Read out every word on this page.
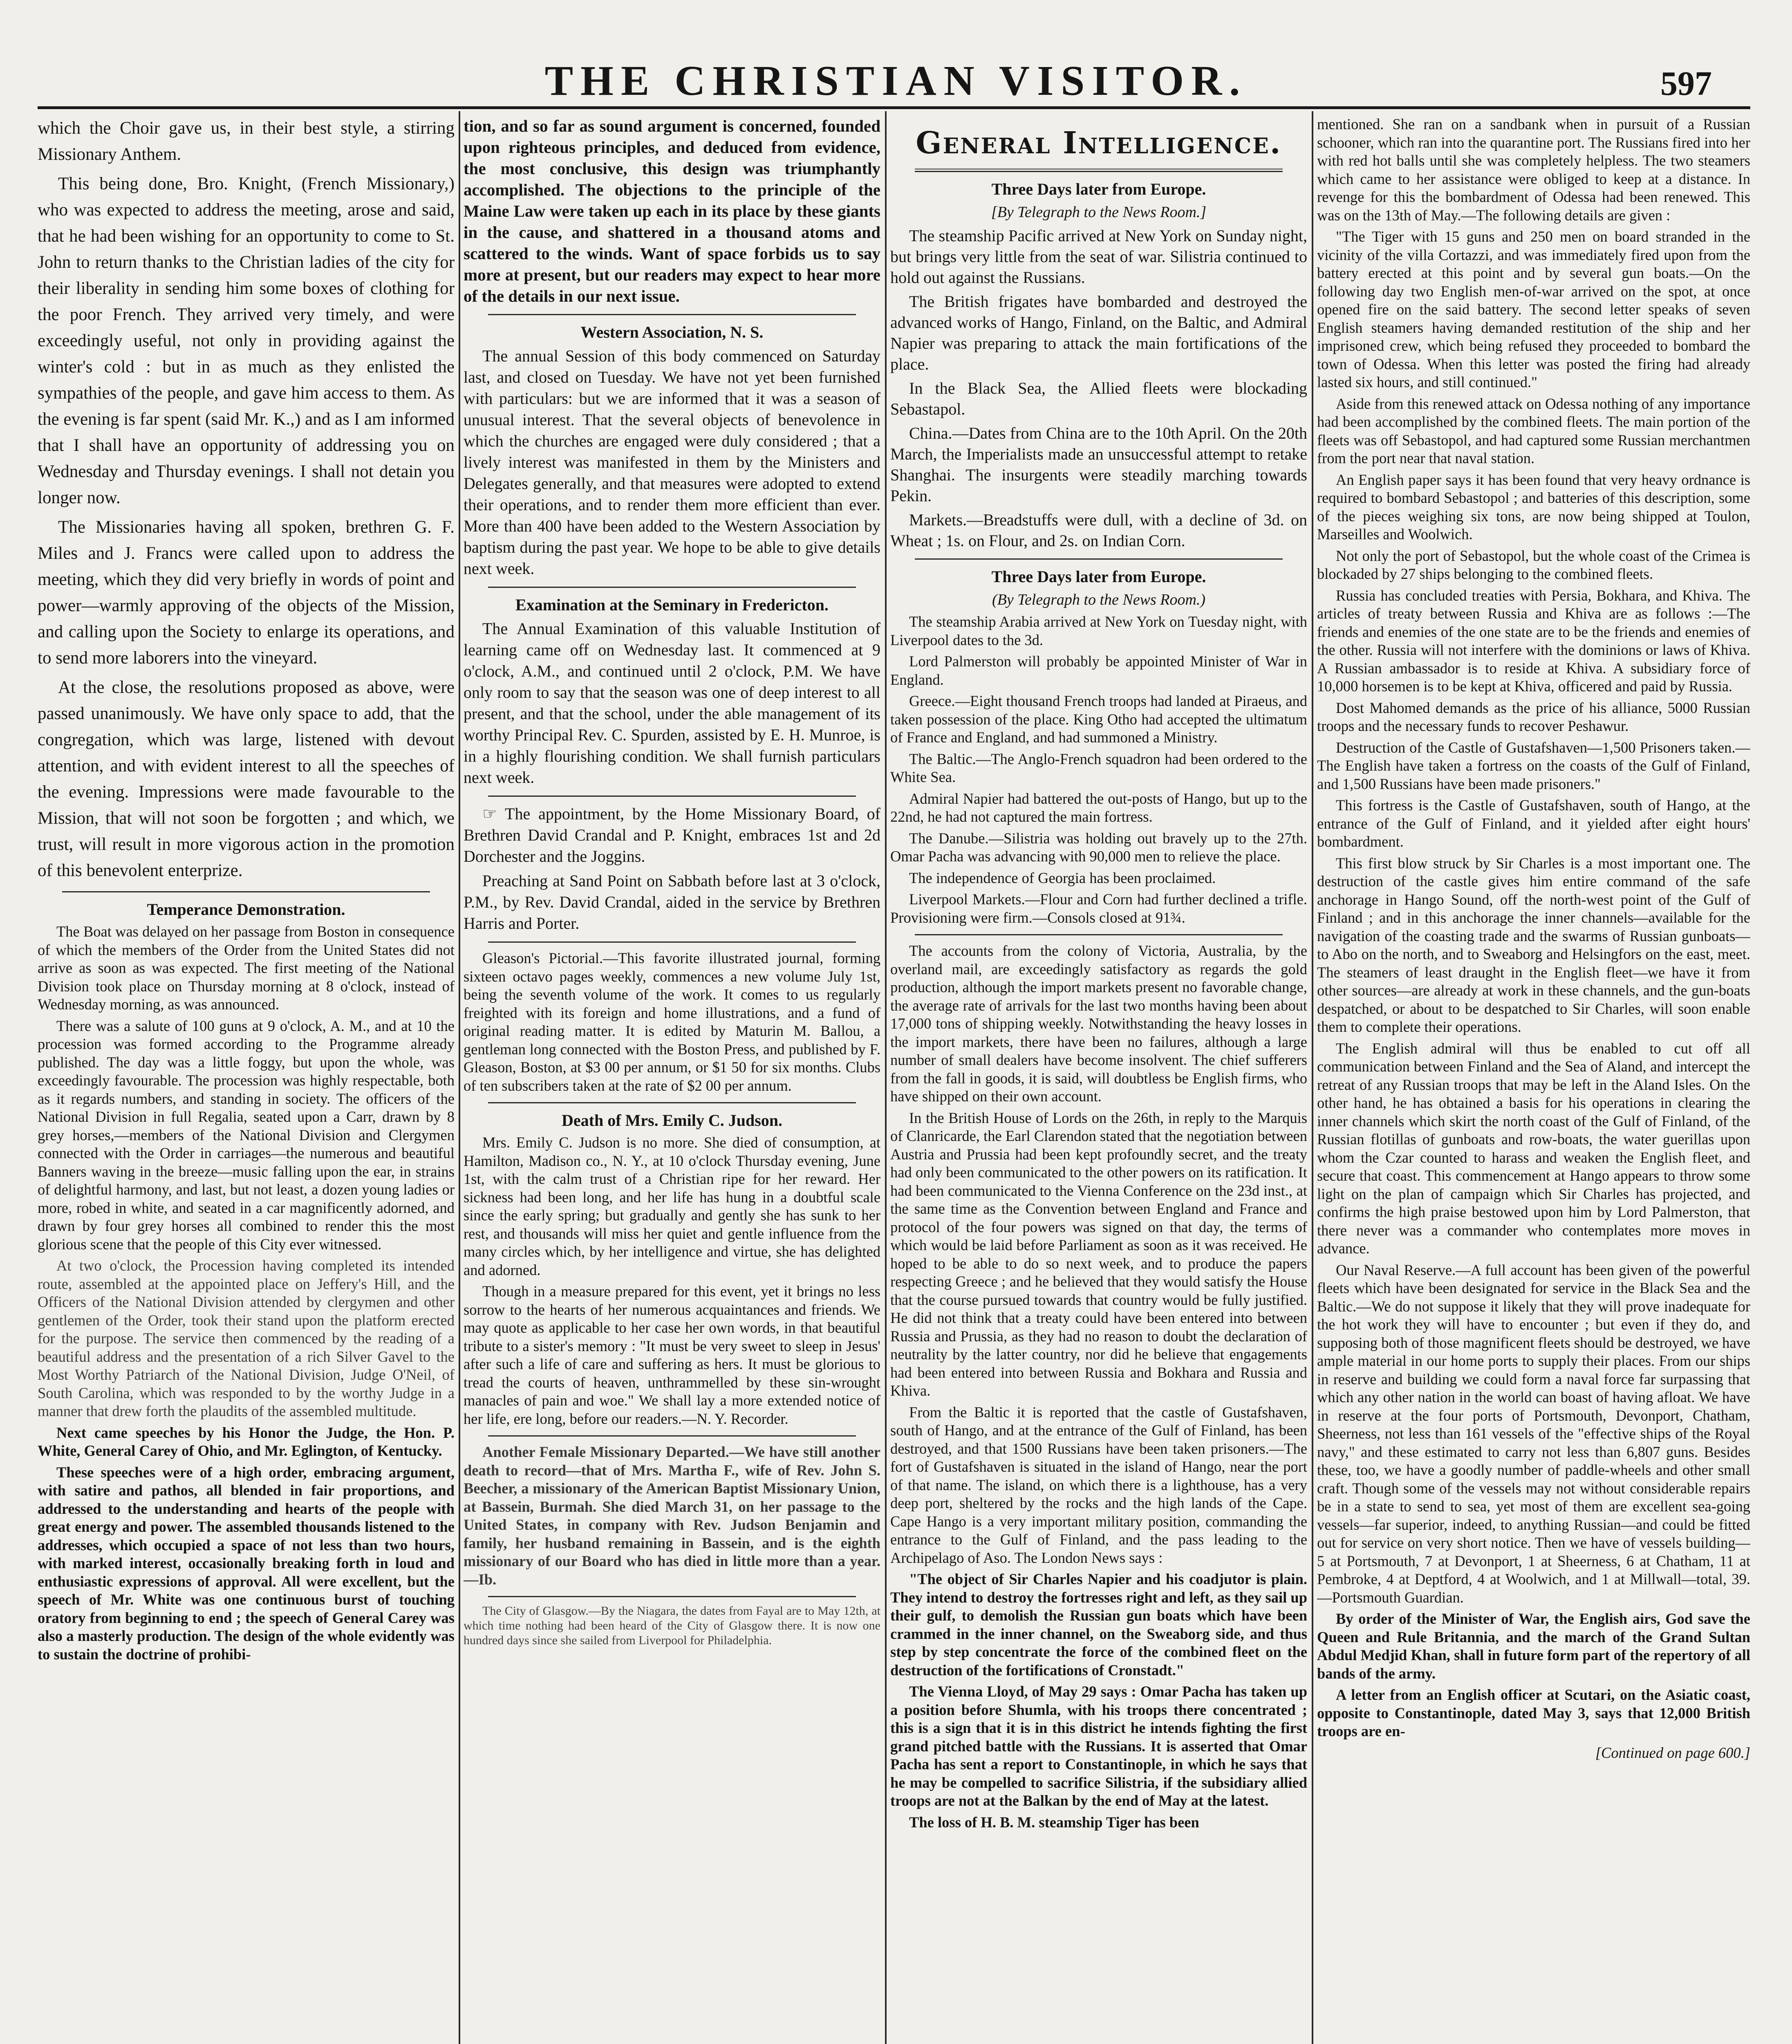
THE CHRISTIAN VISITOR.	597

which the Choir gave us, in their best style, a stirring Missionary Anthem.

This being done, Bro. Knight, (French Missionary,) who was expected to address the meeting, arose and said, that he had been wishing for an opportunity to come to St. John to return thanks to the Christian ladies of the city for their liberality in sending him some boxes of clothing for the poor French. They arrived very timely, and were exceedingly useful, not only in providing against the winter's cold : but in as much as they enlisted the sympathies of the people, and gave him access to them. As the evening is far spent (said Mr. K.,) and as I am informed that I shall have an opportunity of addressing you on Wednesday and Thursday evenings. I shall not detain you longer now.

The Missionaries having all spoken, brethren G. F. Miles and J. Francs were called upon to address the meeting, which they did very briefly in words of point and power—warmly approving of the objects of the Mission, and calling upon the Society to enlarge its operations, and to send more laborers into the vineyard.

At the close, the resolutions proposed as above, were passed unanimously. We have only space to add, that the congregation, which was large, listened with devout attention, and with evident interest to all the speeches of the evening. Impressions were made favourable to the Mission, that will not soon be forgotten ; and which, we trust, will result in more vigorous action in the promotion of this benevolent enterprize.

Temperance Demonstration.

The Boat was delayed on her passage from Boston in consequence of which the members of the Order from the United States did not arrive as soon as was expected. The first meeting of the National Division took place on Thursday morning at 8 o'clock, instead of Wednesday morning, as was announced.

There was a salute of 100 guns at 9 o'clock, A. M., and at 10 the procession was formed according to the Programme already published. The day was a little foggy, but upon the whole, was exceedingly favourable. The procession was highly respectable, both as it regards numbers, and standing in society. The officers of the National Division in full Regalia, seated upon a Carr, drawn by 8 grey horses,—members of the National Division and Clergymen connected with the Order in carriages—the numerous and beautiful Banners waving in the breeze—music falling upon the ear, in strains of delightful harmony, and last, but not least, a dozen young ladies or more, robed in white, and seated in a car magnificently adorned, and drawn by four grey horses all combined to render this the most glorious scene that the people of this City ever witnessed.

At two o'clock, the Procession having completed its intended route, assembled at the appointed place on Jeffery's Hill, and the Officers of the National Division attended by clergymen and other gentlemen of the Order, took their stand upon the platform erected for the purpose. The service then commenced by the reading of a beautiful address and the presentation of a rich Silver Gavel to the Most Worthy Patriarch of the National Division, Judge O'Neil, of South Carolina, which was responded to by the worthy Judge in a manner that drew forth the plaudits of the assembled multitude.

Next came speeches by his Honor the Judge, the Hon. P. White, General Carey of Ohio, and Mr. Eglington, of Kentucky.

These speeches were of a high order, embracing argument, with satire and pathos, all blended in fair proportions, and addressed to the understanding and hearts of the people with great energy and power. The assembled thousands listened to the addresses, which occupied a space of not less than two hours, with marked interest, occasionally breaking forth in loud and enthusiastic expressions of approval. All were excellent, but the speech of Mr. White was one continuous burst of touching oratory from beginning to end ; the speech of General Carey was also a masterly production. The design of the whole evidently was to sustain the doctrine of prohibi-

tion, and so far as sound argument is concerned, founded upon righteous principles, and deduced from evidence, the most conclusive, this design was triumphantly accomplished. The objections to the principle of the Maine Law were taken up each in its place by these giants in the cause, and shattered in a thousand atoms and scattered to the winds. Want of space forbids us to say more at present, but our readers may expect to hear more of the details in our next issue.

Western Association, N. S.

The annual Session of this body commenced on Saturday last, and closed on Tuesday. We have not yet been furnished with particulars: but we are informed that it was a season of unusual interest. That the several objects of benevolence in which the churches are engaged were duly considered ; that a lively interest was manifested in them by the Ministers and Delegates generally, and that measures were adopted to extend their operations, and to render them more efficient than ever. More than 400 have been added to the Western Association by baptism during the past year. We hope to be able to give details next week.

Examination at the Seminary in Fredericton.

The Annual Examination of this valuable Institution of learning came off on Wednesday last. It commenced at 9 o'clock, A.M., and continued until 2 o'clock, P.M. We have only room to say that the season was one of deep interest to all present, and that the school, under the able management of its worthy Principal Rev. C. Spurden, assisted by E. H. Munroe, is in a highly flourishing condition. We shall furnish particulars next week.

☞ The appointment, by the Home Missionary Board, of Brethren David Crandal and P. Knight, embraces 1st and 2d Dorchester and the Joggins.

Preaching at Sand Point on Sabbath before last at 3 o'clock, P.M., by Rev. David Crandal, aided in the service by Brethren Harris and Porter.

Gleason's Pictorial.—This favorite illustrated journal, forming sixteen octavo pages weekly, commences a new volume July 1st, being the seventh volume of the work. It comes to us regularly freighted with its foreign and home illustrations, and a fund of original reading matter. It is edited by Maturin M. Ballou, a gentleman long connected with the Boston Press, and published by F. Gleason, Boston, at $3 00 per annum, or $1 50 for six months. Clubs of ten subscribers taken at the rate of $2 00 per annum.

Death of Mrs. Emily C. Judson.

Mrs. Emily C. Judson is no more. She died of consumption, at Hamilton, Madison co., N. Y., at 10 o'clock Thursday evening, June 1st, with the calm trust of a Christian ripe for her reward. Her sickness had been long, and her life has hung in a doubtful scale since the early spring; but gradually and gently she has sunk to her rest, and thousands will miss her quiet and gentle influence from the many circles which, by her intelligence and virtue, she has delighted and adorned.

Though in a measure prepared for this event, yet it brings no less sorrow to the hearts of her numerous acquaintances and friends. We may quote as applicable to her case her own words, in that beautiful tribute to a sister's memory : "It must be very sweet to sleep in Jesus' after such a life of care and suffering as hers. It must be glorious to tread the courts of heaven, unthrammelled by these sin-wrought manacles of pain and woe." We shall lay a more extended notice of her life, ere long, before our readers.—N. Y. Recorder.

Another Female Missionary Departed.—We have still another death to record—that of Mrs. Martha F., wife of Rev. John S. Beecher, a missionary of the American Baptist Missionary Union, at Bassein, Burmah. She died March 31, on her passage to the United States, in company with Rev. Judson Benjamin and family, her husband remaining in Bassein, and is the eighth missionary of our Board who has died in little more than a year.—Ib.

The City of Glasgow.—By the Niagara, the dates from Fayal are to May 12th, at which time nothing had been heard of the City of Glasgow there. It is now one hundred days since she sailed from Liverpool for Philadelphia.

General Intelligence.
Three Days later from Europe.
[By Telegraph to the News Room.]

The steamship Pacific arrived at New York on Sunday night, but brings very little from the seat of war. Silistria continued to hold out against the Russians.

The British frigates have bombarded and destroyed the advanced works of Hango, Finland, on the Baltic, and Admiral Napier was preparing to attack the main fortifications of the place.

In the Black Sea, the Allied fleets were blockading Sebastapol.

China.—Dates from China are to the 10th April. On the 20th March, the Imperialists made an unsuccessful attempt to retake Shanghai. The insurgents were steadily marching towards Pekin.

Markets.—Breadstuffs were dull, with a decline of 3d. on Wheat ; 1s. on Flour, and 2s. on Indian Corn.

Three Days later from Europe.
(By Telegraph to the News Room.)

The steamship Arabia arrived at New York on Tuesday night, with Liverpool dates to the 3d.

Lord Palmerston will probably be appointed Minister of War in England.

Greece.—Eight thousand French troops had landed at Piraeus, and taken possession of the place. King Otho had accepted the ultimatum of France and England, and had summoned a Ministry.

The Baltic.—The Anglo-French squadron had been ordered to the White Sea.

Admiral Napier had battered the out-posts of Hango, but up to the 22nd, he had not captured the main fortress.

The Danube.—Silistria was holding out bravely up to the 27th. Omar Pacha was advancing with 90,000 men to relieve the place.

The independence of Georgia has been proclaimed.

Liverpool Markets.—Flour and Corn had further declined a trifle. Provisioning were firm.—Consols closed at 91¾.

The accounts from the colony of Victoria, Australia, by the overland mail, are exceedingly satisfactory as regards the gold production, although the import markets present no favorable change, the average rate of arrivals for the last two months having been about 17,000 tons of shipping weekly. Notwithstanding the heavy losses in the import markets, there have been no failures, although a large number of small dealers have become insolvent. The chief sufferers from the fall in goods, it is said, will doubtless be English firms, who have shipped on their own account.

In the British House of Lords on the 26th, in reply to the Marquis of Clanricarde, the Earl Clarendon stated that the negotiation between Austria and Prussia had been kept profoundly secret, and the treaty had only been communicated to the other powers on its ratification. It had been communicated to the Vienna Conference on the 23d inst., at the same time as the Convention between England and France and protocol of the four powers was signed on that day, the terms of which would be laid before Parliament as soon as it was received. He hoped to be able to do so next week, and to produce the papers respecting Greece ; and he believed that they would satisfy the House that the course pursued towards that country would be fully justified. He did not think that a treaty could have been entered into between Russia and Prussia, as they had no reason to doubt the declaration of neutrality by the latter country, nor did he believe that engagements had been entered into between Russia and Bokhara and Russia and Khiva.

From the Baltic it is reported that the castle of Gustafshaven, south of Hango, and at the entrance of the Gulf of Finland, has been destroyed, and that 1500 Russians have been taken prisoners.—The fort of Gustafshaven is situated in the island of Hango, near the port of that name. The island, on which there is a lighthouse, has a very deep port, sheltered by the rocks and the high lands of the Cape. Cape Hango is a very important military position, commanding the entrance to the Gulf of Finland, and the pass leading to the Archipelago of Aso. The London News says :

"The object of Sir Charles Napier and his coadjutor is plain. They intend to destroy the fortresses right and left, as they sail up their gulf, to demolish the Russian gun boats which have been crammed in the inner channel, on the Sweaborg side, and thus step by step concentrate the force of the combined fleet on the destruction of the fortifications of Cronstadt."

The Vienna Lloyd, of May 29 says : Omar Pacha has taken up a position before Shumla, with his troops there concentrated ; this is a sign that it is in this district he intends fighting the first grand pitched battle with the Russians. It is asserted that Omar Pacha has sent a report to Constantinople, in which he says that he may be compelled to sacrifice Silistria, if the subsidiary allied troops are not at the Balkan by the end of May at the latest.

The loss of H. B. M. steamship Tiger has been

mentioned. She ran on a sandbank when in pursuit of a Russian schooner, which ran into the quarantine port. The Russians fired into her with red hot balls until she was completely helpless. The two steamers which came to her assistance were obliged to keep at a distance. In revenge for this the bombardment of Odessa had been renewed. This was on the 13th of May.—The following details are given :

"The Tiger with 15 guns and 250 men on board stranded in the vicinity of the villa Cortazzi, and was immediately fired upon from the battery erected at this point and by several gun boats.—On the following day two English men-of-war arrived on the spot, at once opened fire on the said battery. The second letter speaks of seven English steamers having demanded restitution of the ship and her imprisoned crew, which being refused they proceeded to bombard the town of Odessa. When this letter was posted the firing had already lasted six hours, and still continued."

Aside from this renewed attack on Odessa nothing of any importance had been accomplished by the combined fleets. The main portion of the fleets was off Sebastopol, and had captured some Russian merchantmen from the port near that naval station.

An English paper says it has been found that very heavy ordnance is required to bombard Sebastopol ; and batteries of this description, some of the pieces weighing six tons, are now being shipped at Toulon, Marseilles and Woolwich.

Not only the port of Sebastopol, but the whole coast of the Crimea is blockaded by 27 ships belonging to the combined fleets.

Russia has concluded treaties with Persia, Bokhara, and Khiva. The articles of treaty between Russia and Khiva are as follows :—The friends and enemies of the one state are to be the friends and enemies of the other. Russia will not interfere with the dominions or laws of Khiva. A Russian ambassador is to reside at Khiva. A subsidiary force of 10,000 horsemen is to be kept at Khiva, officered and paid by Russia.

Dost Mahomed demands as the price of his alliance, 5000 Russian troops and the necessary funds to recover Peshawur.

Destruction of the Castle of Gustafshaven—1,500 Prisoners taken.—The English have taken a fortress on the coasts of the Gulf of Finland, and 1,500 Russians have been made prisoners."

This fortress is the Castle of Gustafshaven, south of Hango, at the entrance of the Gulf of Finland, and it yielded after eight hours' bombardment.

This first blow struck by Sir Charles is a most important one. The destruction of the castle gives him entire command of the safe anchorage in Hango Sound, off the north-west point of the Gulf of Finland ; and in this anchorage the inner channels—available for the navigation of the coasting trade and the swarms of Russian gunboats—to Abo on the north, and to Sweaborg and Helsingfors on the east, meet. The steamers of least draught in the English fleet—we have it from other sources—are already at work in these channels, and the gun-boats despatched, or about to be despatched to Sir Charles, will soon enable them to complete their operations.

The English admiral will thus be enabled to cut off all communication between Finland and the Sea of Aland, and intercept the retreat of any Russian troops that may be left in the Aland Isles. On the other hand, he has obtained a basis for his operations in clearing the inner channels which skirt the north coast of the Gulf of Finland, of the Russian flotillas of gunboats and row-boats, the water guerillas upon whom the Czar counted to harass and weaken the English fleet, and secure that coast. This commencement at Hango appears to throw some light on the plan of campaign which Sir Charles has projected, and confirms the high praise bestowed upon him by Lord Palmerston, that there never was a commander who contemplates more moves in advance.

Our Naval Reserve.—A full account has been given of the powerful fleets which have been designated for service in the Black Sea and the Baltic.—We do not suppose it likely that they will prove inadequate for the hot work they will have to encounter ; but even if they do, and supposing both of those magnificent fleets should be destroyed, we have ample material in our home ports to supply their places. From our ships in reserve and building we could form a naval force far surpassing that which any other nation in the world can boast of having afloat. We have in reserve at the four ports of Portsmouth, Devonport, Chatham, Sheerness, not less than 161 vessels of the "effective ships of the Royal navy," and these estimated to carry not less than 6,807 guns. Besides these, too, we have a goodly number of paddle-wheels and other small craft. Though some of the vessels may not without considerable repairs be in a state to send to sea, yet most of them are excellent sea-going vessels—far superior, indeed, to anything Russian—and could be fitted out for service on very short notice. Then we have of vessels building—5 at Portsmouth, 7 at Devonport, 1 at Sheerness, 6 at Chatham, 11 at Pembroke, 4 at Deptford, 4 at Woolwich, and 1 at Millwall—total, 39.—Portsmouth Guardian.

By order of the Minister of War, the English airs, God save the Queen and Rule Britannia, and the march of the Grand Sultan Abdul Medjid Khan, shall in future form part of the repertory of all bands of the army.

A letter from an English officer at Scutari, on the Asiatic coast, opposite to Constantinople, dated May 3, says that 12,000 British troops are en-

[Continued on page 600.]
